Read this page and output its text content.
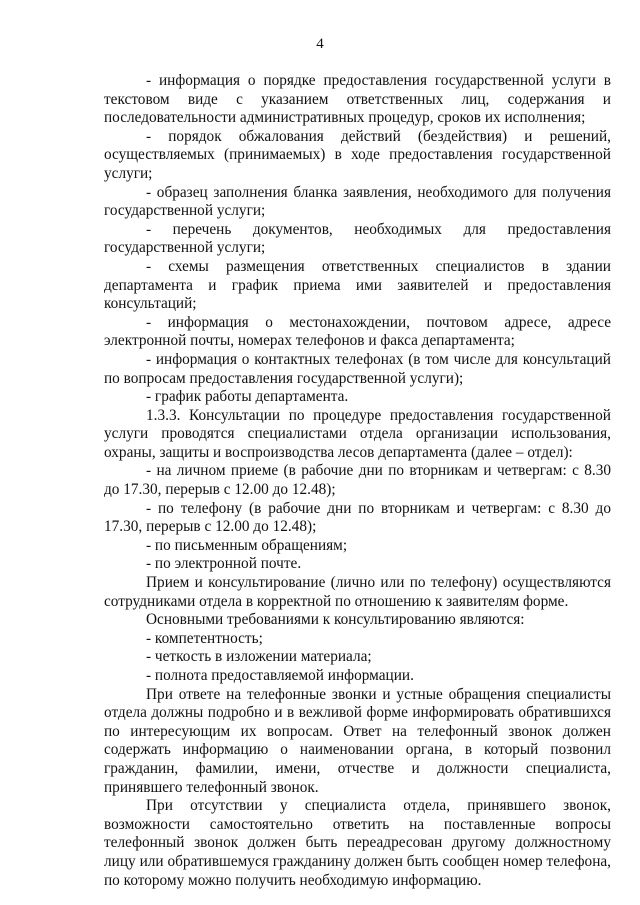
4

- информация о порядке предоставления государственной услуги в текстовом виде с указанием ответственных лиц, содержания и последовательности административных процедур, сроков их исполнения;

- порядок обжалования действий (бездействия) и решений, осуществляемых (принимаемых) в ходе предоставления государственной услуги;

- образец заполнения бланка заявления, необходимого для получения государственной услуги;

- перечень документов, необходимых для предоставления государственной услуги;

- схемы размещения ответственных специалистов в здании департамента и график приема ими заявителей и предоставления консультаций;

- информация о местонахождении, почтовом адресе, адресе электронной почты, номерах телефонов и факса департамента;

- информация о контактных телефонах (в том числе для консультаций по вопросам предоставления государственной услуги);

- график работы департамента.

1.3.3. Консультации по процедуре предоставления государственной услуги проводятся специалистами отдела организации использования, охраны, защиты и воспроизводства лесов департамента (далее – отдел):

- на личном приеме (в рабочие дни по вторникам и четвергам: с 8.30 до 17.30, перерыв с 12.00 до 12.48);

- по телефону (в рабочие дни по вторникам и четвергам: с 8.30 до 17.30, перерыв с 12.00 до 12.48);

- по письменным обращениям;

- по электронной почте.

Прием и консультирование (лично или по телефону) осуществляются сотрудниками отдела в корректной по отношению к заявителям форме.

Основными требованиями к консультированию являются:

- компетентность;

- четкость в изложении материала;

- полнота предоставляемой информации.

При ответе на телефонные звонки и устные обращения специалисты отдела должны подробно и в вежливой форме информировать обратившихся по интересующим их вопросам. Ответ на телефонный звонок должен содержать информацию о наименовании органа, в который позвонил гражданин, фамилии, имени, отчестве и должности специалиста, принявшего телефонный звонок.

При отсутствии у специалиста отдела, принявшего звонок, возможности самостоятельно ответить на поставленные вопросы телефонный звонок должен быть переадресован другому должностному лицу или обратившемуся гражданину должен быть сообщен номер телефона, по которому можно получить необходимую информацию.
